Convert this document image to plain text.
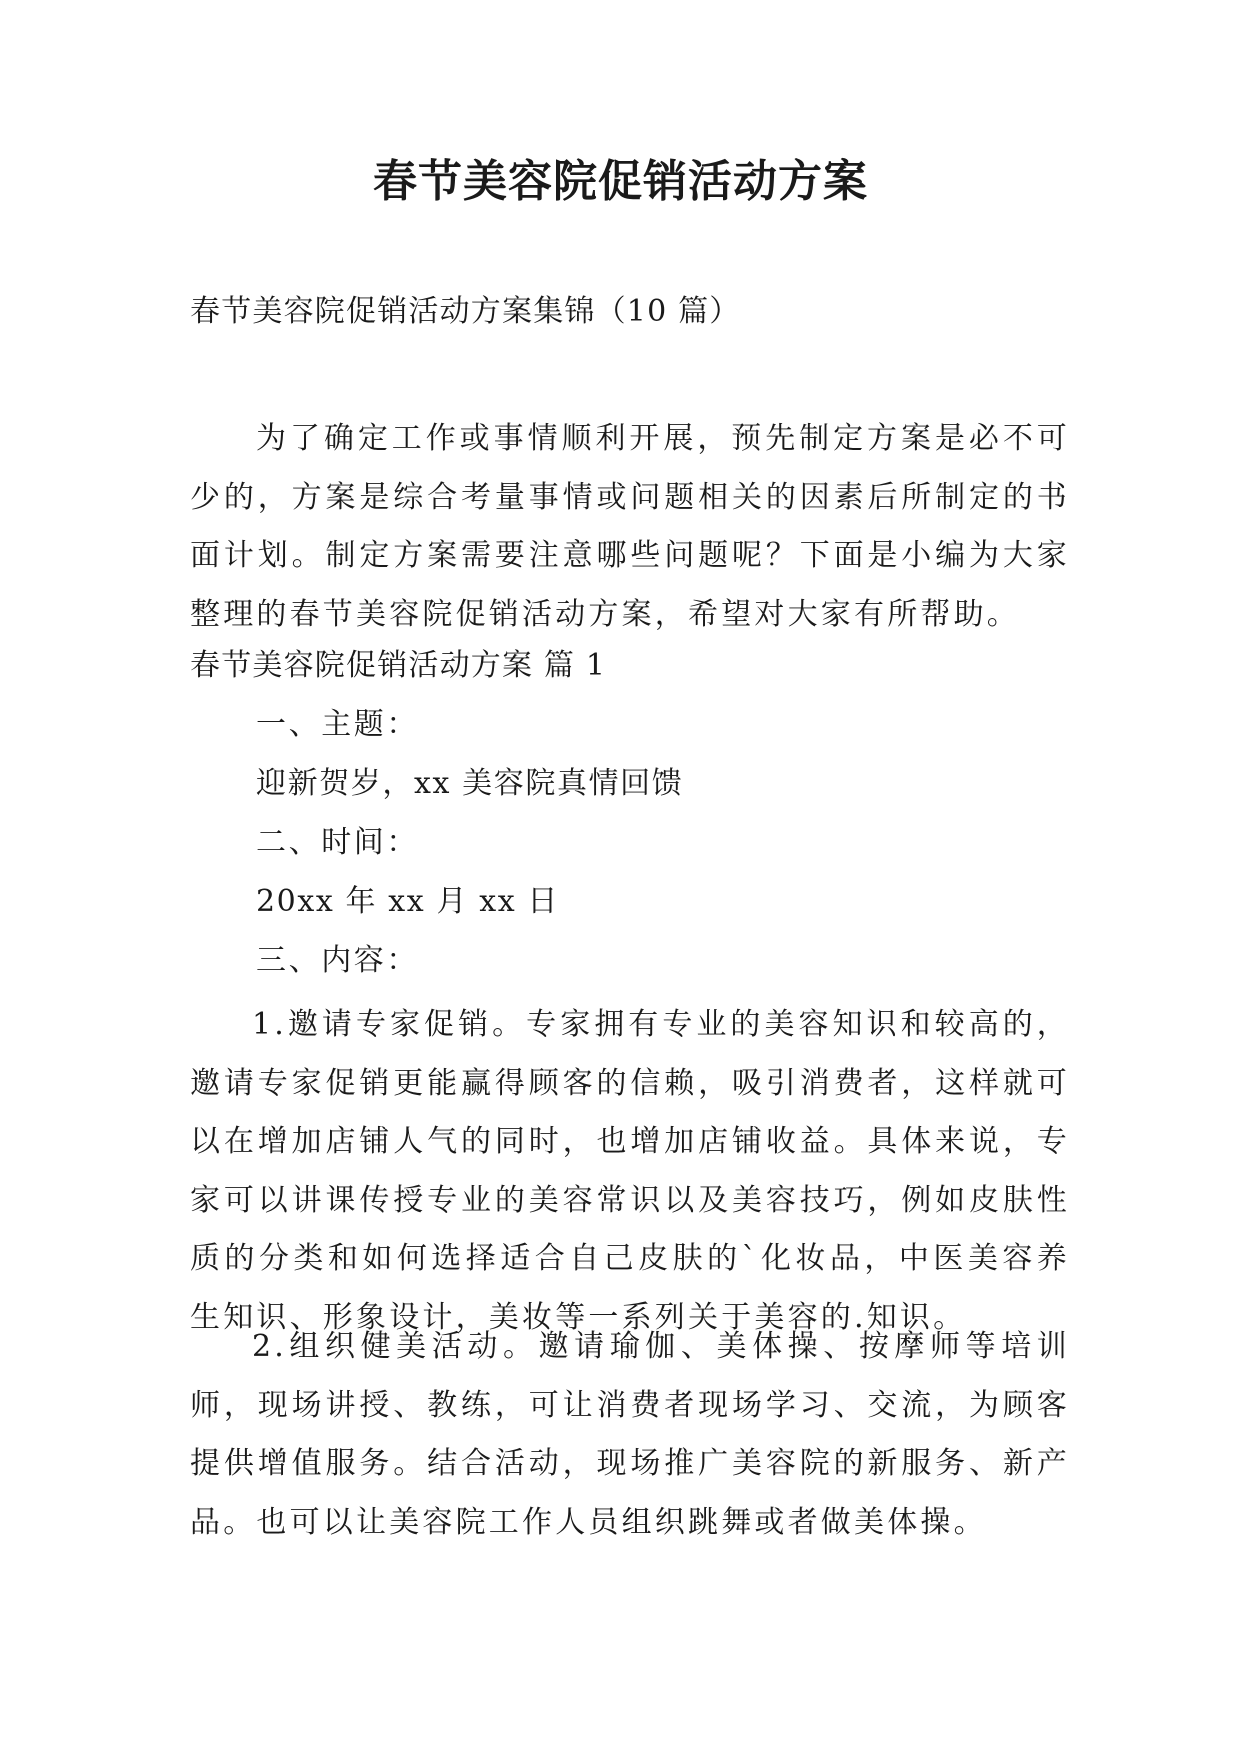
春节美容院促销活动方案

春节美容院促销活动方案集锦（10 篇）

为了确定工作或事情顺利开展，预先制定方案是必不可少的，方案是综合考量事情或问题相关的因素后所制定的书面计划。制定方案需要注意哪些问题呢？下面是小编为大家整理的春节美容院促销活动方案，希望对大家有所帮助。

春节美容院促销活动方案 篇 1

一、主题：

迎新贺岁，xx 美容院真情回馈

二、时间：

20xx 年 xx 月 xx 日

三、内容：

1.邀请专家促销。专家拥有专业的美容知识和较高的，邀请专家促销更能赢得顾客的信赖，吸引消费者，这样就可以在增加店铺人气的同时，也增加店铺收益。具体来说，专家可以讲课传授专业的美容常识以及美容技巧，例如皮肤性质的分类和如何选择适合自己皮肤的`化妆品，中医美容养生知识、形象设计，美妆等一系列关于美容的.知识。

2.组织健美活动。邀请瑜伽、美体操、按摩师等培训师，现场讲授、教练，可让消费者现场学习、交流，为顾客提供增值服务。结合活动，现场推广美容院的新服务、新产品。也可以让美容院工作人员组织跳舞或者做美体操。
